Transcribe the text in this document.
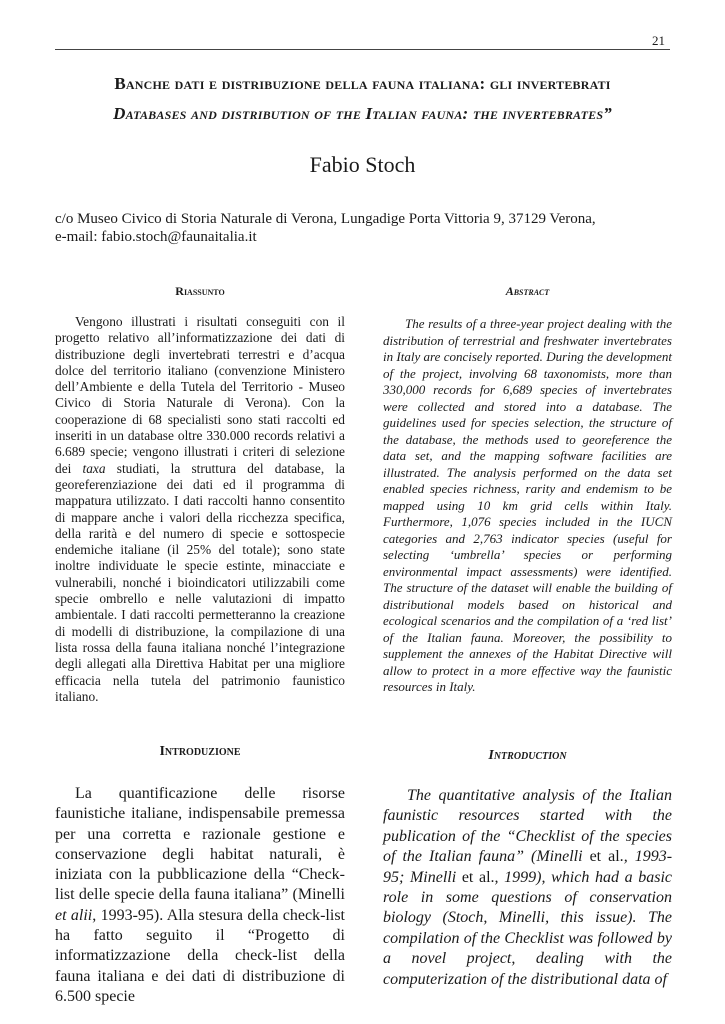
21
Banche dati e distribuzione della fauna italiana: gli invertebrati
Databases and distribution of the Italian fauna: the invertebrates”
Fabio Stoch
c/o Museo Civico di Storia Naturale di Verona, Lungadige Porta Vittoria 9, 37129 Verona,
e-mail: fabio.stoch@faunaitalia.it
Riassunto	Abstract

Vengono illustrati i risultati conseguiti con il progetto relativo all’informatizzazione dei dati di distribuzione degli invertebrati terrestri e d’acqua dolce del territorio italiano (convenzione Ministero dell’Ambiente e della Tutela del Territorio - Museo Civico di Storia Naturale di Verona). Con la cooperazione di 68 specialisti sono stati raccolti ed inseriti in un database oltre 330.000 records relativi a 6.689 specie; vengono illustrati i criteri di selezione dei taxa studiati, la struttura del database, la georeferenziazione dei dati ed il programma di mappatura utilizzato. I dati raccolti hanno consentito di mappare anche i valori della ricchezza specifica, della rarità e del numero di specie e sottospecie endemiche italiane (il 25% del totale); sono state inoltre individuate le specie estinte, minacciate e vulnerabili, nonché i bioindicatori utilizzabili come specie ombrello e nelle valutazioni di impatto ambientale. I dati raccolti permetteranno la creazione di modelli di distribuzione, la compilazione di una lista rossa della fauna italiana nonché l’integrazione degli allegati alla Direttiva Habitat per una migliore efficacia nella tutela del patrimonio faunistico italiano.

The results of a three-year project dealing with the distribution of terrestrial and freshwater invertebrates in Italy are concisely reported. During the development of the project, involving 68 taxonomists, more than 330,000 records for 6,689 species of invertebrates were collected and stored into a database. The guidelines used for species selection, the structure of the database, the methods used to georeference the data set, and the mapping software facilities are illustrated. The analysis performed on the data set enabled species richness, rarity and endemism to be mapped using 10 km grid cells within Italy. Furthermore, 1,076 species included in the IUCN categories and 2,763 indicator species (useful for selecting ‘umbrella’ species or performing environmental impact assessments) were identified. The structure of the dataset will enable the building of distributional models based on historical and ecological scenarios and the compilation of a ‘red list’ of the Italian fauna. Moreover, the possibility to supplement the annexes of the Habitat Directive will allow to protect in a more effective way the faunistic resources in Italy.

Introduzione	Introduction

La quantificazione delle risorse faunistiche italiane, indispensabile premessa per una corretta e razionale gestione e conservazione degli habitat naturali, è iniziata con la pubblicazione della “Check-list delle specie della fauna italiana” (Minelli et alii, 1993-95). Alla stesura della check-list ha fatto seguito il “Progetto di informatizzazione della check-list della fauna italiana e dei dati di distribuzione di 6.500 specie

The quantitative analysis of the Italian faunistic resources started with the publication of the “Checklist of the species of the Italian fauna” (Minelli et al., 1993-95; Minelli et al., 1999), which had a basic role in some questions of conservation biology (Stoch, Minelli, this issue). The compilation of the Checklist was followed by a novel project, dealing with the computerization of the distributional data of
